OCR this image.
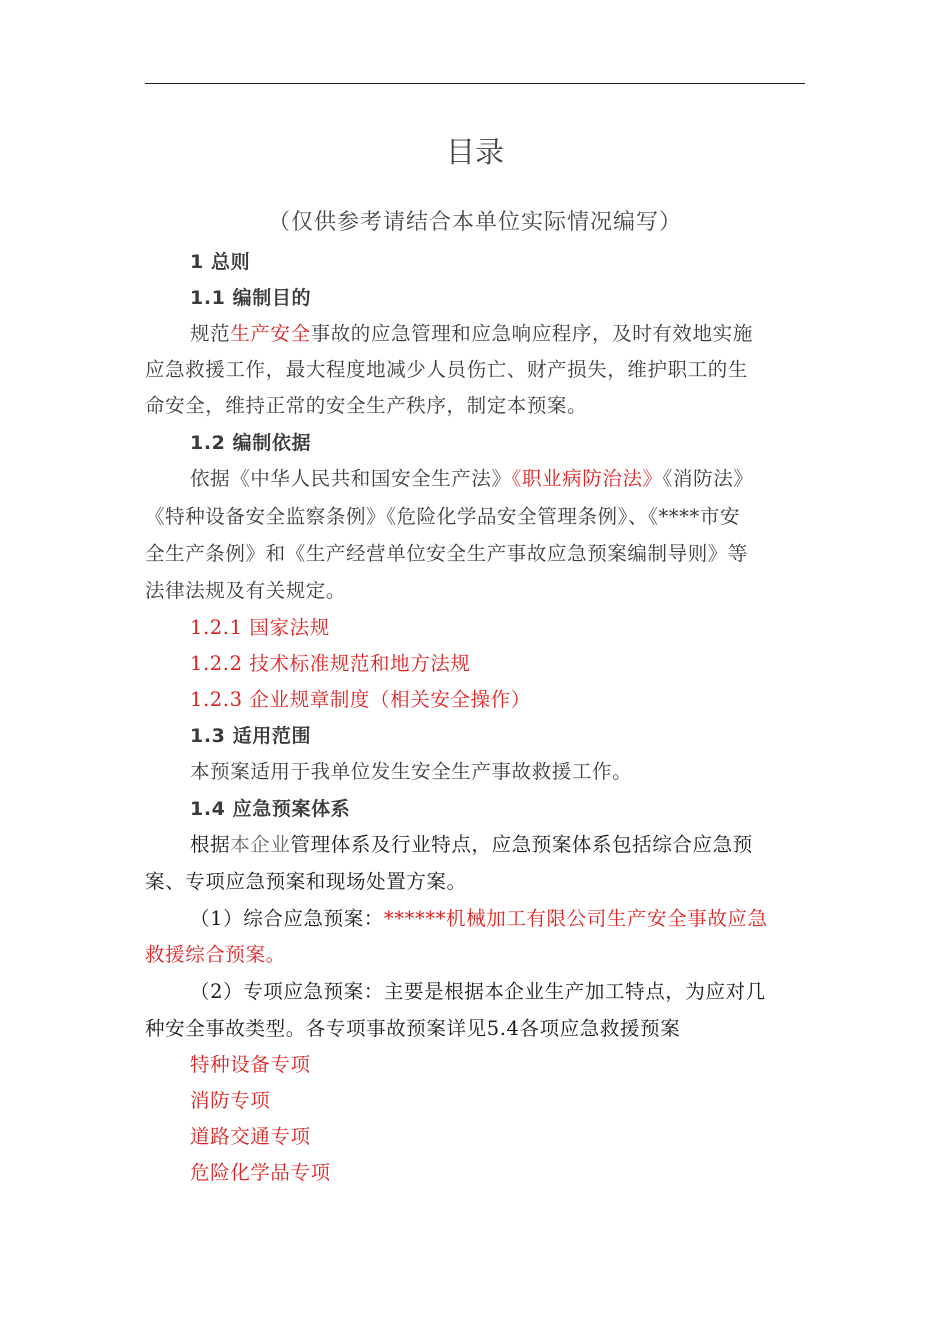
目录
（仅供参考请结合本单位实际情况编写）
1 总则
1.1 编制目的
规范生产安全事故的应急管理和应急响应程序，及时有效地实施
应急救援工作，最大程度地减少人员伤亡、财产损失，维护职工的生
命安全，维持正常的安全生产秩序，制定本预案。
1.2 编制依据
依据《中华人民共和国安全生产法》《职业病防治法》《消防法》
《特种设备安全监察条例》《危险化学品安全管理条例》、《****市安
全生产条例》和《生产经营单位安全生产事故应急预案编制导则》等
法律法规及有关规定。
1.2.1 国家法规
1.2.2 技术标准规范和地方法规
1.2.3 企业规章制度（相关安全操作）
1.3 适用范围
本预案适用于我单位发生安全生产事故救援工作。
1.4 应急预案体系
根据本企业管理体系及行业特点，应急预案体系包括综合应急预
案、专项应急预案和现场处置方案。
（1）综合应急预案：******机械加工有限公司生产安全事故应急
救援综合预案。
（2）专项应急预案：主要是根据本企业生产加工特点，为应对几
种安全事故类型。各专项事故预案详见5.4各项应急救援预案
特种设备专项
消防专项
道路交通专项
危险化学品专项
